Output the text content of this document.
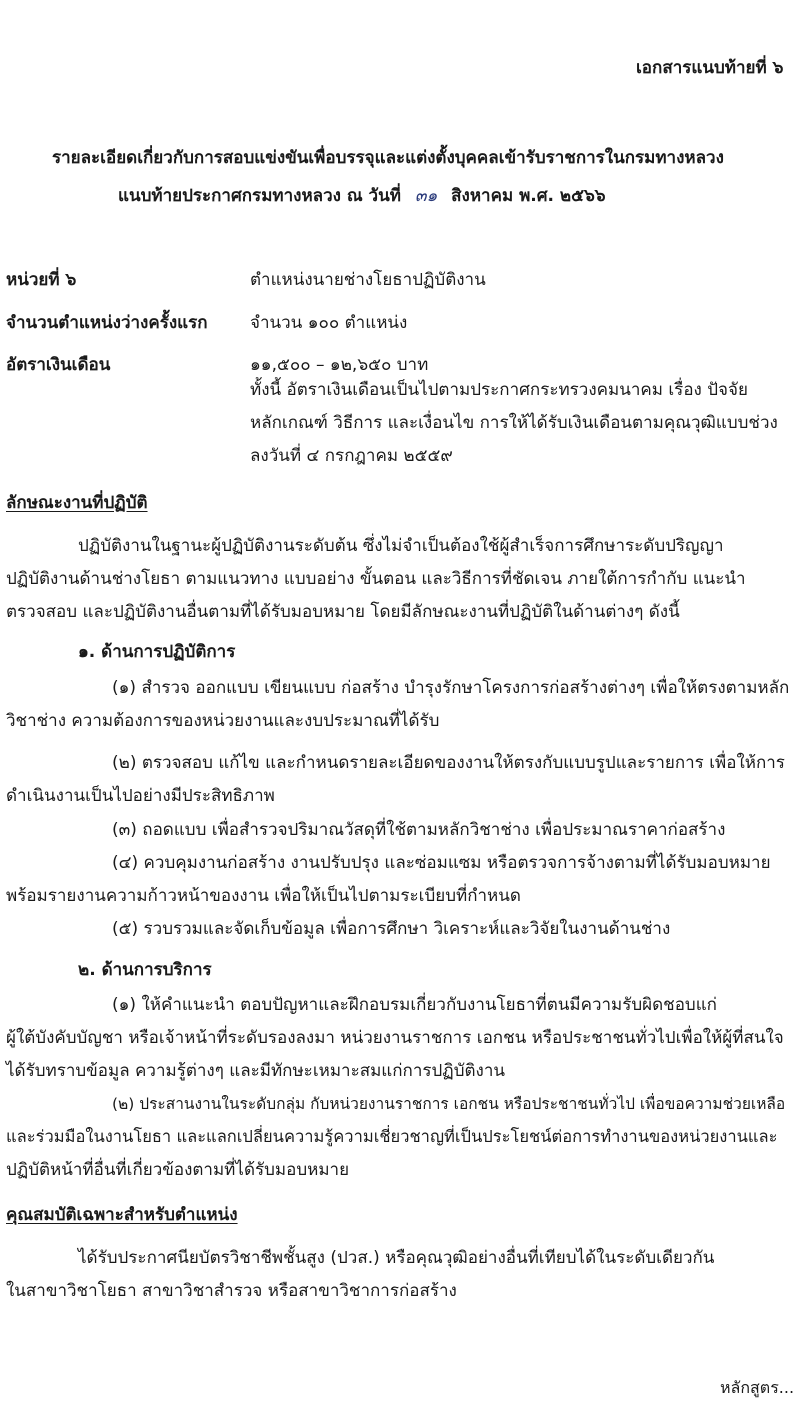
เอกสารแนบท้ายที่ ๖
รายละเอียดเกี่ยวกับการสอบแข่งขันเพื่อบรรจุและแต่งตั้งบุคคลเข้ารับราชการในกรมทางหลวง
แนบท้ายประกาศกรมทางหลวง ณ วันที่ ๓๑ สิงหาคม พ.ศ. ๒๕๖๖
หน่วยที่ ๖	ตำแหน่งนายช่างโยธาปฏิบัติงาน
จำนวนตำแหน่งว่างครั้งแรก จำนวน ๑๐๐ ตำแหน่ง
อัตราเงินเดือน	๑๑,๕๐๐ – ๑๒,๖๕๐ บาท
ทั้งนี้ อัตราเงินเดือนเป็นไปตามประกาศกระทรวงคมนาคม เรื่อง ปัจจัย
หลักเกณฑ์ วิธีการ และเงื่อนไข การให้ได้รับเงินเดือนตามคุณวุฒิแบบช่วง
ลงวันที่ ๔ กรกฎาคม ๒๕๕๙
ลักษณะงานที่ปฏิบัติ
ปฏิบัติงานในฐานะผู้ปฏิบัติงานระดับต้น ซึ่งไม่จำเป็นต้องใช้ผู้สำเร็จการศึกษาระดับปริญญา
ปฏิบัติงานด้านช่างโยธา ตามแนวทาง แบบอย่าง ขั้นตอน และวิธีการที่ชัดเจน ภายใต้การกำกับ แนะนำ
ตรวจสอบ และปฏิบัติงานอื่นตามที่ได้รับมอบหมาย โดยมีลักษณะงานที่ปฏิบัติในด้านต่างๆ ดังนี้
๑. ด้านการปฏิบัติการ
(๑) สำรวจ ออกแบบ เขียนแบบ ก่อสร้าง บำรุงรักษาโครงการก่อสร้างต่างๆ เพื่อให้ตรงตามหลัก
วิชาช่าง ความต้องการของหน่วยงานและงบประมาณที่ได้รับ
(๒) ตรวจสอบ แก้ไข และกำหนดรายละเอียดของงานให้ตรงกับแบบรูปและรายการ เพื่อให้การ
ดำเนินงานเป็นไปอย่างมีประสิทธิภาพ
(๓) ถอดแบบ เพื่อสำรวจปริมาณวัสดุที่ใช้ตามหลักวิชาช่าง เพื่อประมาณราคาก่อสร้าง
(๔) ควบคุมงานก่อสร้าง งานปรับปรุง และซ่อมแซม หรือตรวจการจ้างตามที่ได้รับมอบหมาย
พร้อมรายงานความก้าวหน้าของงาน เพื่อให้เป็นไปตามระเบียบที่กำหนด
(๕) รวบรวมและจัดเก็บข้อมูล เพื่อการศึกษา วิเคราะห์และวิจัยในงานด้านช่าง
๒. ด้านการบริการ
(๑) ให้คำแนะนำ ตอบปัญหาและฝึกอบรมเกี่ยวกับงานโยธาที่ตนมีความรับผิดชอบแก่
ผู้ใต้บังคับบัญชา หรือเจ้าหน้าที่ระดับรองลงมา หน่วยงานราชการ เอกชน หรือประชาชนทั่วไปเพื่อให้ผู้ที่สนใจ
ได้รับทราบข้อมูล ความรู้ต่างๆ และมีทักษะเหมาะสมแก่การปฏิบัติงาน
(๒) ประสานงานในระดับกลุ่ม กับหน่วยงานราชการ เอกชน หรือประชาชนทั่วไป เพื่อขอความช่วยเหลือ
และร่วมมือในงานโยธา และแลกเปลี่ยนความรู้ความเชี่ยวชาญที่เป็นประโยชน์ต่อการทำงานของหน่วยงานและ
ปฏิบัติหน้าที่อื่นที่เกี่ยวข้องตามที่ได้รับมอบหมาย
คุณสมบัติเฉพาะสำหรับตำแหน่ง
ได้รับประกาศนียบัตรวิชาชีพชั้นสูง (ปวส.) หรือคุณวุฒิอย่างอื่นที่เทียบได้ในระดับเดียวกัน
ในสาขาวิชาโยธา สาขาวิชาสำรวจ หรือสาขาวิชาการก่อสร้าง
หลักสูตร...
